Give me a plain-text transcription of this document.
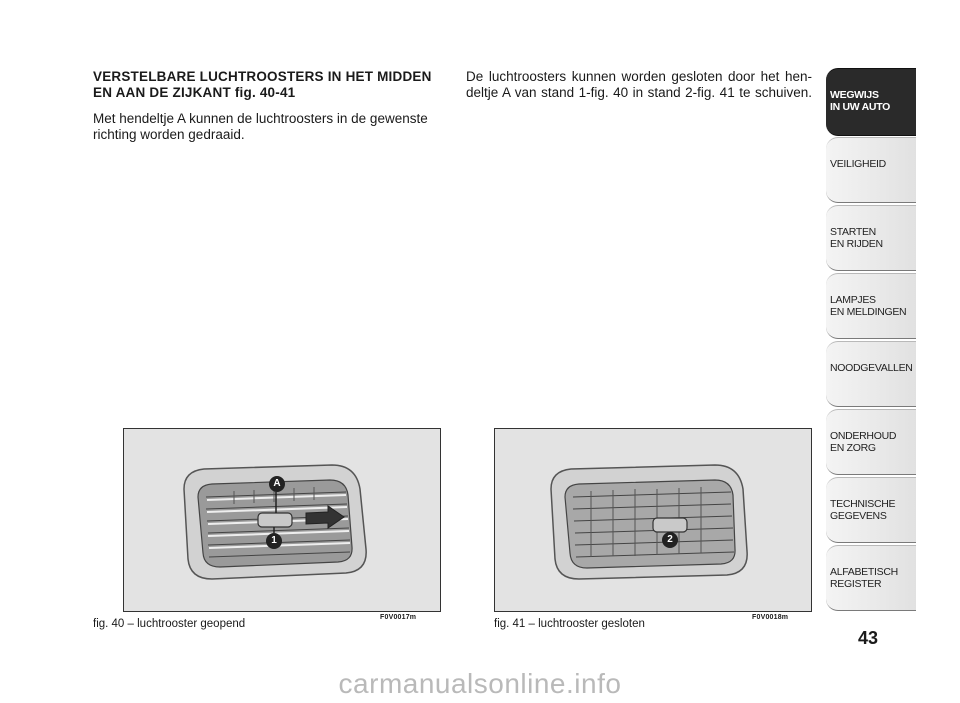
VERSTELBARE LUCHTROOSTERS IN HET MIDDEN EN AAN DE ZIJKANT fig. 40-41

Met hendeltje A kunnen de luchtroosters in de gewenste richting worden gedraaid.

De luchtroosters kunnen worden gesloten door het hen-deltje A van stand 1-fig. 40 in stand 2-fig. 41 te schuiven.

A
1
fig. 40 – luchtrooster geopend
F0V0017m
2
fig. 41 – luchtrooster gesloten
F0V0018m
WEGWIJS
IN UW AUTO
VEILIGHEID
STARTEN
EN RIJDEN
LAMPJES
EN MELDINGEN
NOODGEVALLEN
ONDERHOUD
EN ZORG
TECHNISCHE
GEGEVENS
ALFABETISCH
REGISTER
43
carmanualsonline.info
